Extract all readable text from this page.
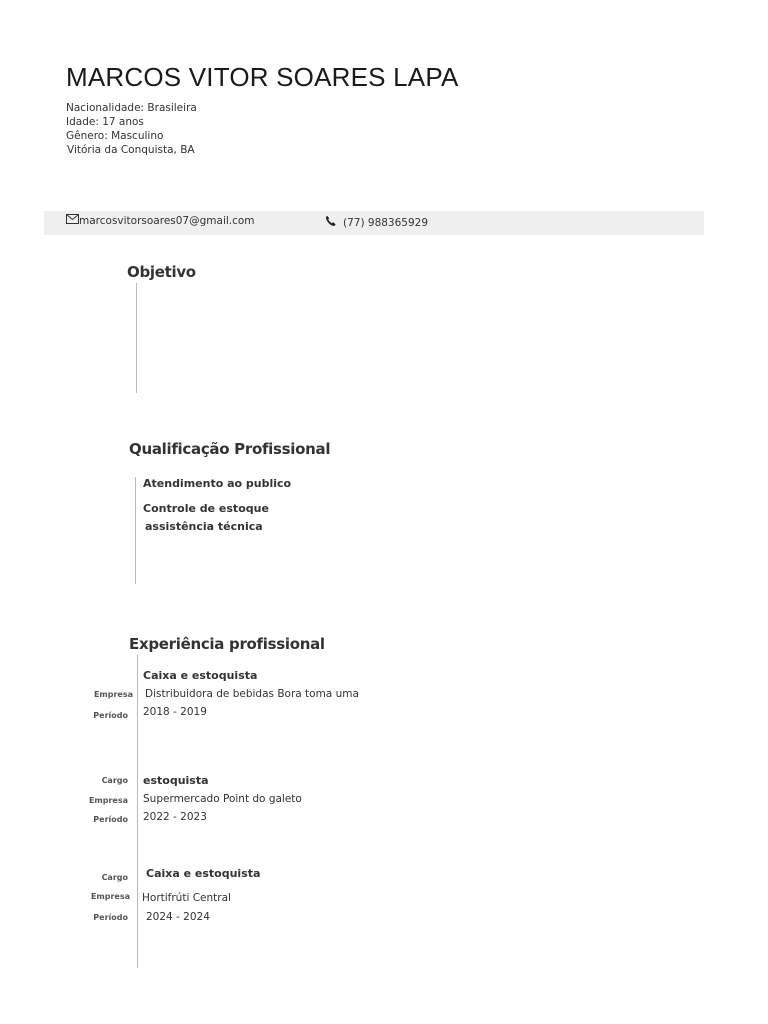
MARCOS VITOR SOARES LAPA
Nacionalidade: Brasileira
Idade: 17 anos
Gênero: Masculino
Vitória da Conquista, BA
marcosvitorsoares07@gmail.com	(77) 988365929
Objetivo
Qualificação Profissional
Atendimento ao publico
Controle de estoque
assistência técnica
Experiência profissional
Caixa e estoquista
Empresa Distribuidora de bebidas Bora toma uma
Período 2018 - 2019
Cargo estoquista
Empresa Supermercado Point do galeto
Período 2022 - 2023
Cargo Caixa e estoquista
Empresa Hortifrúti Central
Período 2024 - 2024
